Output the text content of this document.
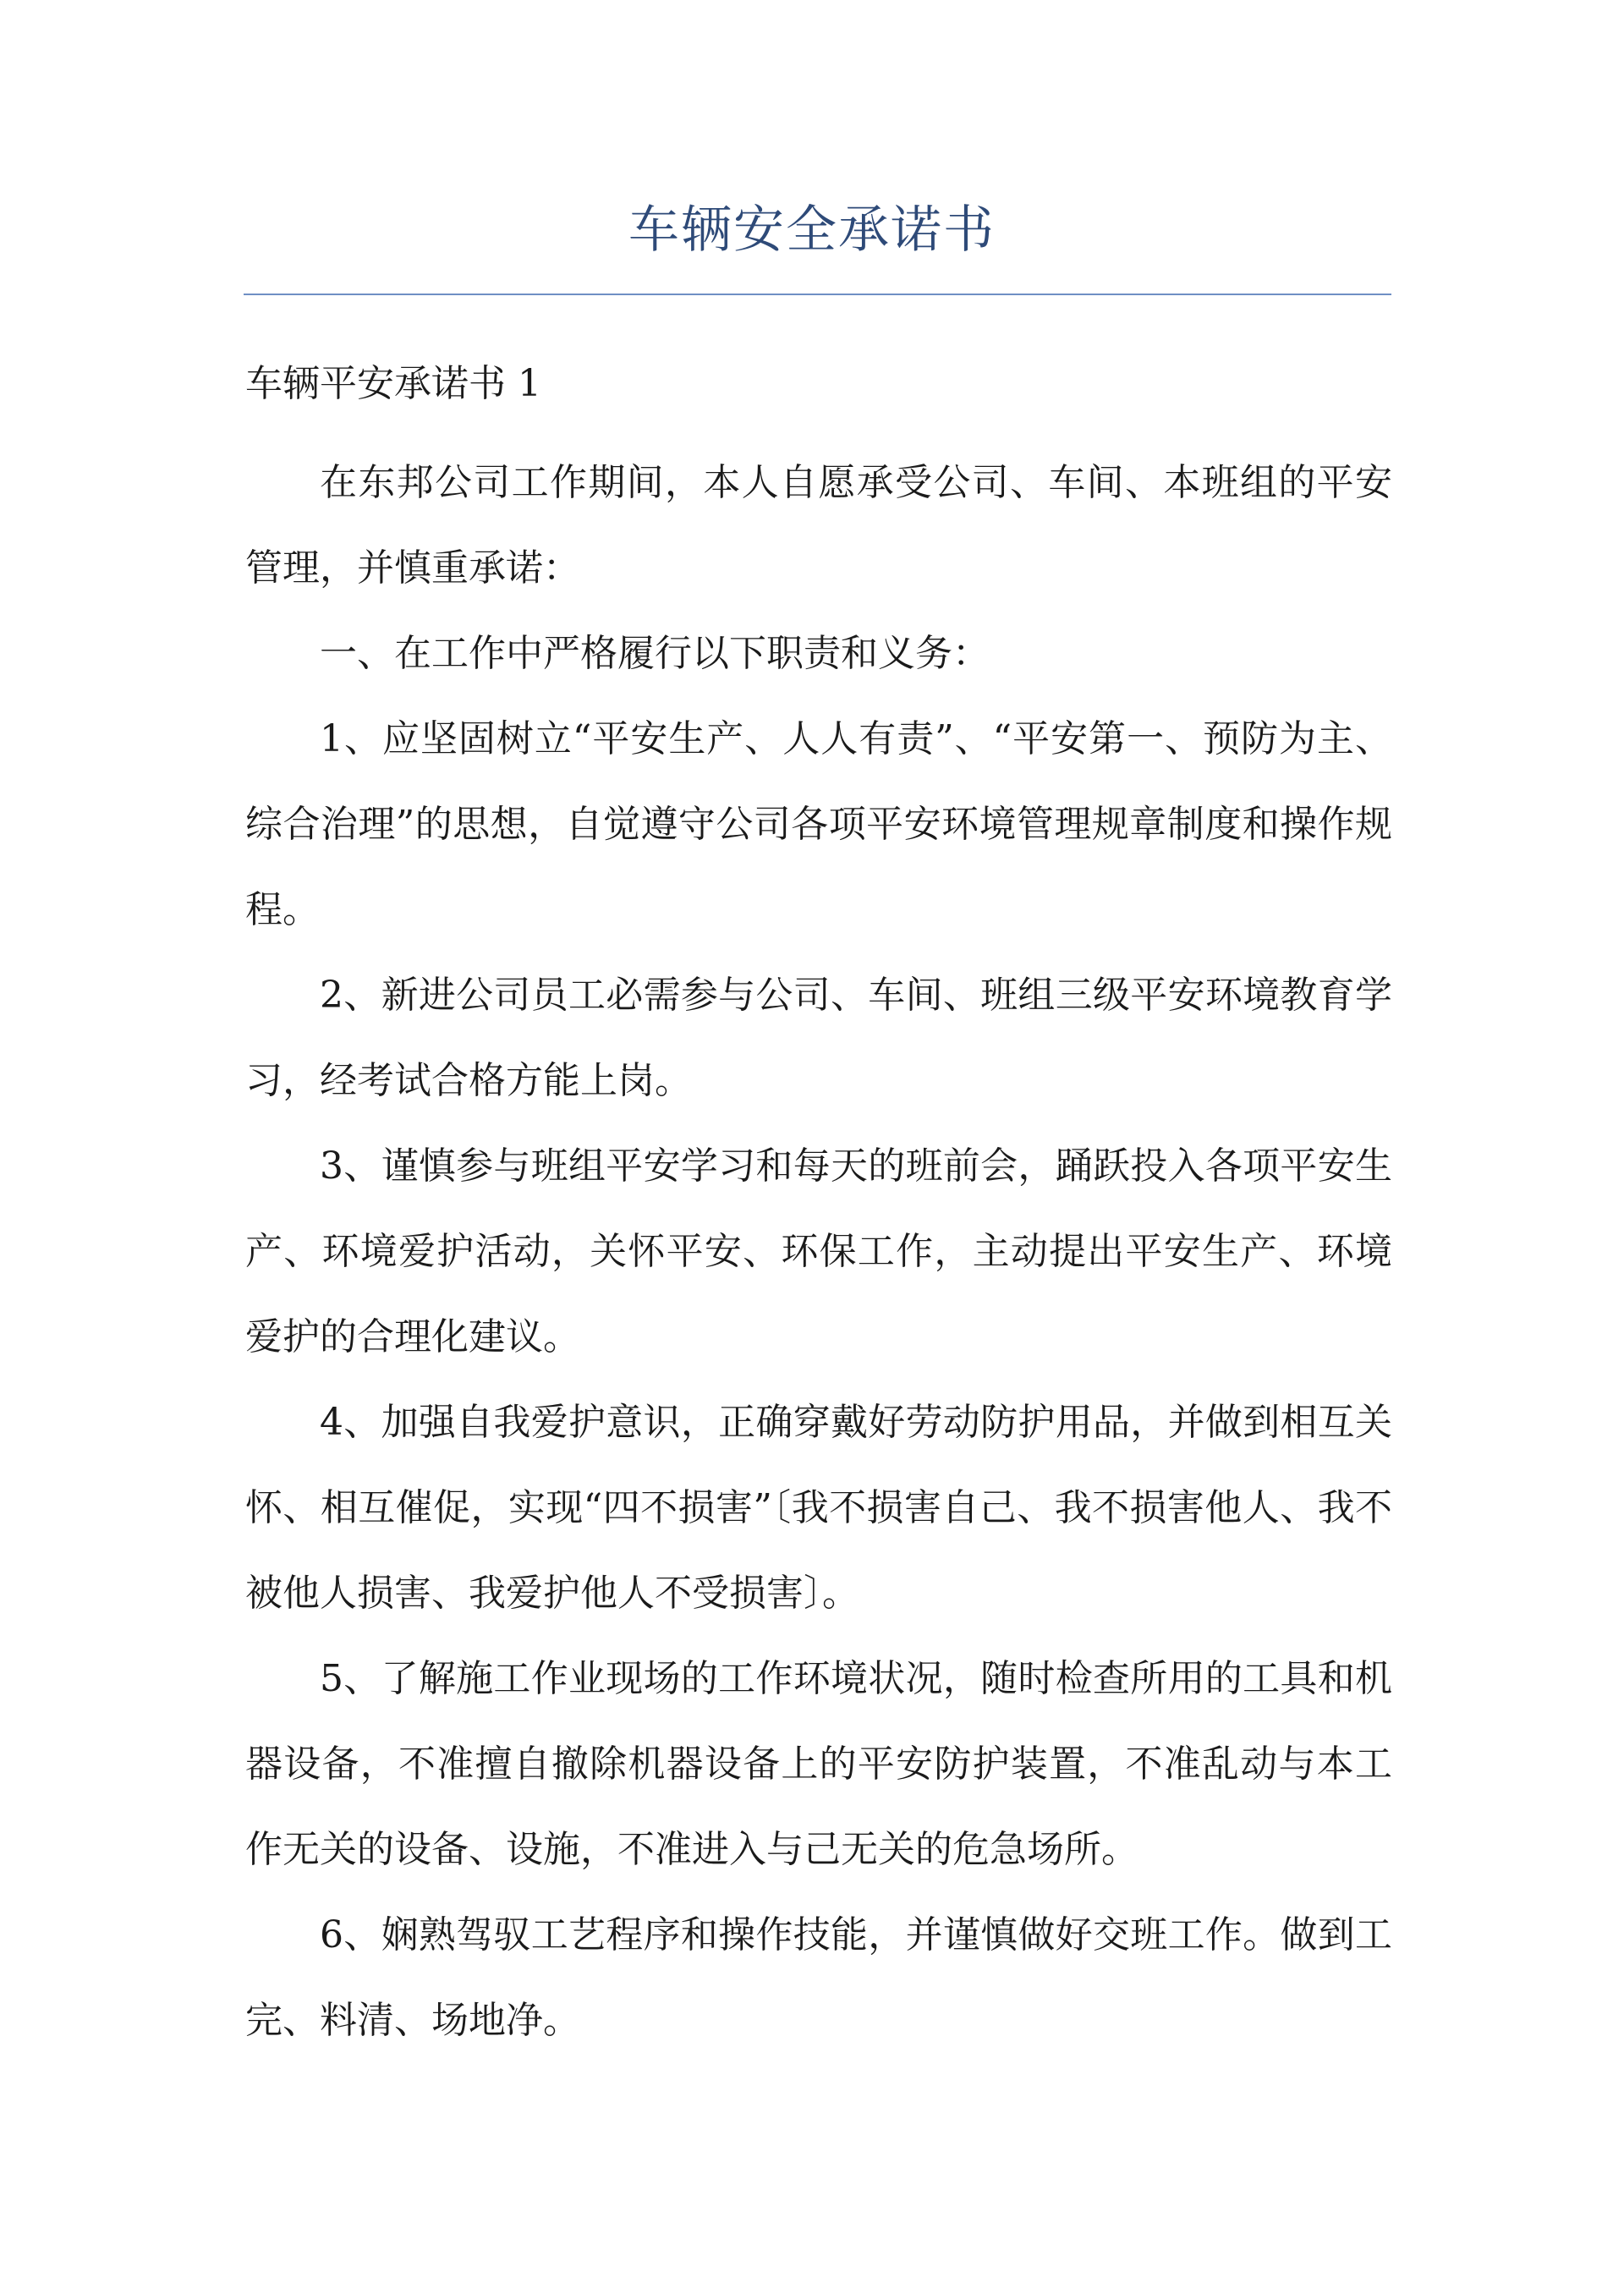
车辆安全承诺书

车辆平安承诺书 1

在东邦公司工作期间，本人自愿承受公司、车间、本班组的平安管理，并慎重承诺：

一、在工作中严格履行以下职责和义务：

1、应坚固树立“平安生产、人人有责”、“平安第一、预防为主、综合治理”的思想，自觉遵守公司各项平安环境管理规章制度和操作规程。

2、新进公司员工必需参与公司、车间、班组三级平安环境教育学习，经考试合格方能上岗。

3、谨慎参与班组平安学习和每天的班前会，踊跃投入各项平安生产、环境爱护活动，关怀平安、环保工作，主动提出平安生产、环境爱护的合理化建议。

4、加强自我爱护意识，正确穿戴好劳动防护用品，并做到相互关怀、相互催促，实现“四不损害”〔我不损害自己、我不损害他人、我不被他人损害、我爱护他人不受损害〕。

5、了解施工作业现场的工作环境状况，随时检查所用的工具和机器设备，不准擅自撤除机器设备上的平安防护装置，不准乱动与本工作无关的设备、设施，不准进入与己无关的危急场所。

6、娴熟驾驭工艺程序和操作技能，并谨慎做好交班工作。做到工完、料清、场地净。
